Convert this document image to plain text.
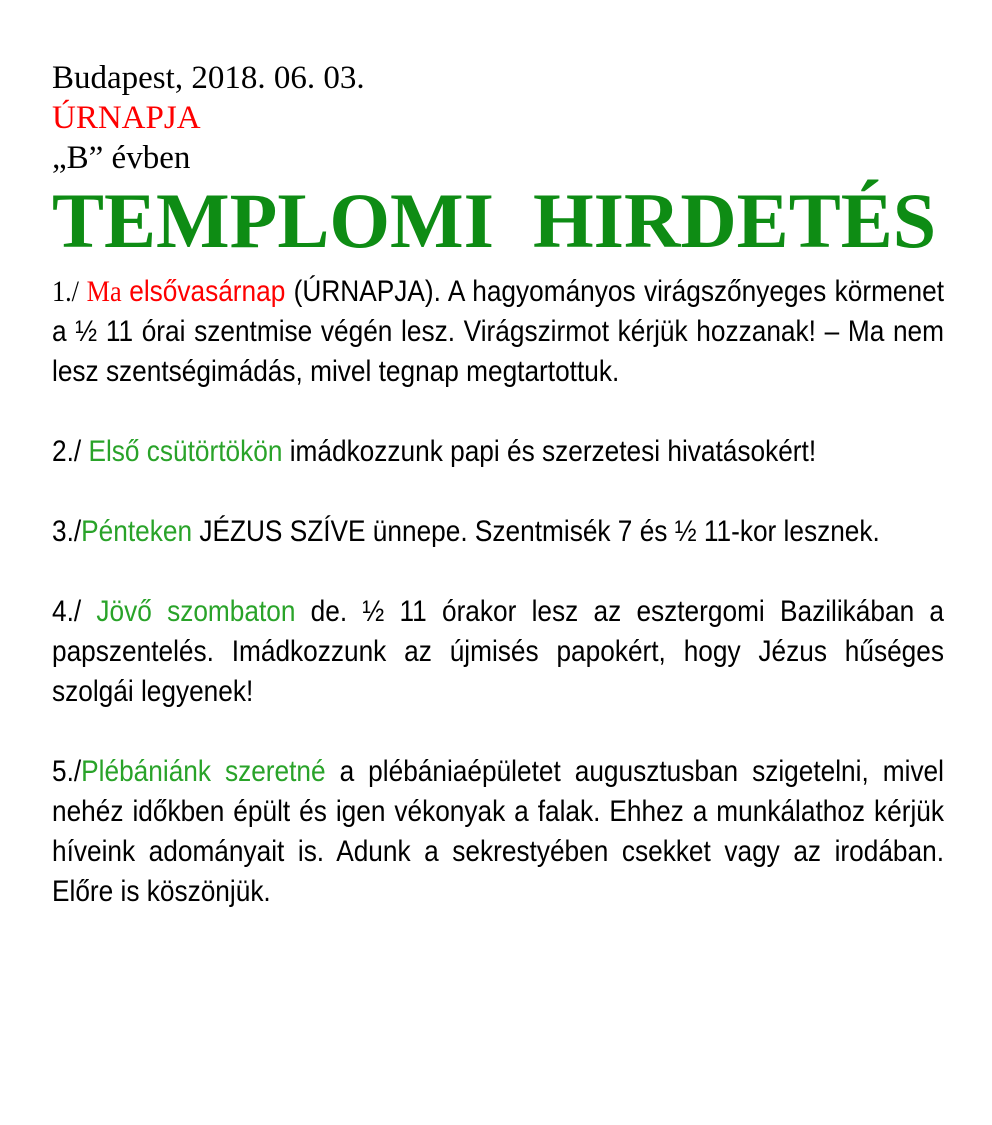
Budapest, 2018. 06. 03.
ÚRNAPJA
„B” évben
TEMPLOMI  HIRDETÉS

1./ Ma elsővasárnap (ÚRNAPJA). A hagyományos virágszőnyeges körmenet a ½ 11 órai szentmise végén lesz. Virágszirmot kérjük hozzanak! – Ma nem lesz szentségimádás, mivel tegnap megtartottuk.

2./ Első csütörtökön imádkozzunk papi és szerzetesi hivatásokért!

3./Pénteken JÉZUS SZÍVE ünnepe. Szentmisék 7 és ½ 11-kor lesznek.

4./ Jövő szombaton de. ½ 11 órakor lesz az esztergomi Bazilikában a papszentelés. Imádkozzunk az újmisés papokért, hogy Jézus hűséges szolgái legyenek!

5./Plébániánk szeretné a plébániaépületet augusztusban szigetelni, mivel nehéz időkben épült és igen vékonyak a falak. Ehhez a munkálathoz kérjük híveink adományait is. Adunk a sekrestyében csekket vagy az irodában. Előre is köszönjük.
